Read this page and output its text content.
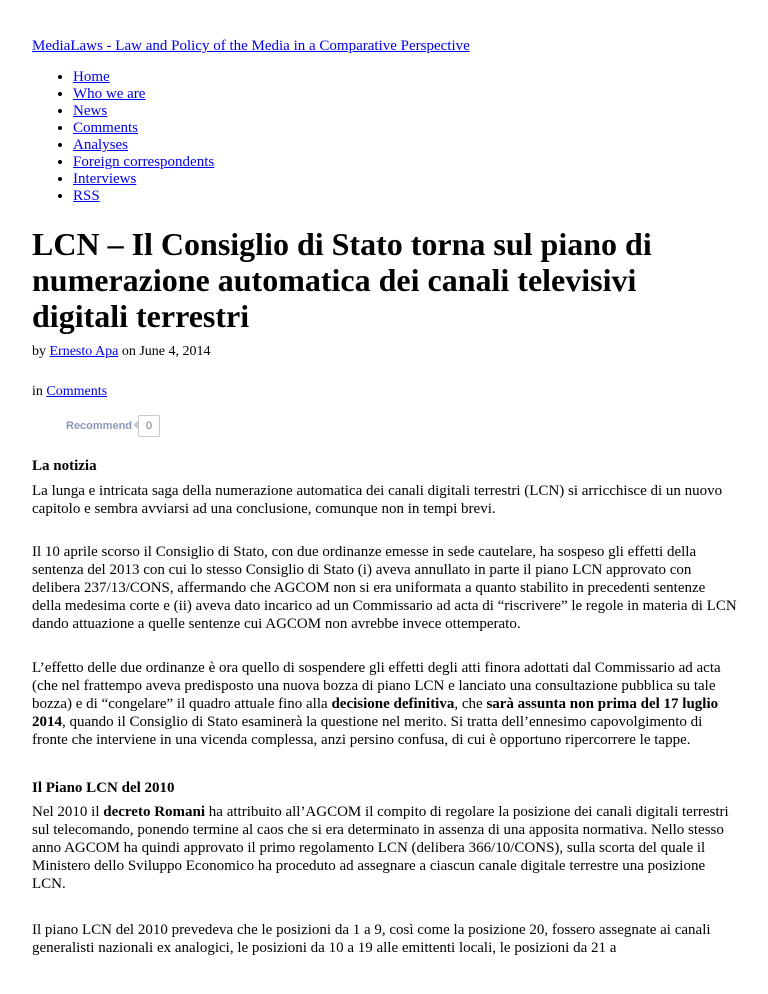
MediaLaws - Law and Policy of the Media in a Comparative Perspective
• Home
• Who we are
• News
• Comments
• Analyses
• Foreign correspondents
• Interviews
• RSS
LCN – Il Consiglio di Stato torna sul piano di numerazione automatica dei canali televisivi digitali terrestri
by Ernesto Apa on June 4, 2014
in Comments
Recommend	0

La notizia

La lunga e intricata saga della numerazione automatica dei canali digitali terrestri (LCN) si arricchisce di un nuovo capitolo e sembra avviarsi ad una conclusione, comunque non in tempi brevi.

Il 10 aprile scorso il Consiglio di Stato, con due ordinanze emesse in sede cautelare, ha sospeso gli effetti della sentenza del 2013 con cui lo stesso Consiglio di Stato (i) aveva annullato in parte il piano LCN approvato con delibera 237/13/CONS, affermando che AGCOM non si era uniformata a quanto stabilito in precedenti sentenze della medesima corte e (ii) aveva dato incarico ad un Commissario ad acta di “riscrivere” le regole in materia di LCN dando attuazione a quelle sentenze cui AGCOM non avrebbe invece ottemperato.

L’effetto delle due ordinanze è ora quello di sospendere gli effetti degli atti finora adottati dal Commissario ad acta (che nel frattempo aveva predisposto una nuova bozza di piano LCN e lanciato una consultazione pubblica su tale bozza) e di “congelare” il quadro attuale fino alla decisione definitiva, che sarà assunta non prima del 17 luglio 2014, quando il Consiglio di Stato esaminerà la questione nel merito. Si tratta dell’ennesimo capovolgimento di fronte che interviene in una vicenda complessa, anzi persino confusa, di cui è opportuno ripercorrere le tappe.

Il Piano LCN del 2010

Nel 2010 il decreto Romani ha attribuito all’AGCOM il compito di regolare la posizione dei canali digitali terrestri sul telecomando, ponendo termine al caos che si era determinato in assenza di una apposita normativa. Nello stesso anno AGCOM ha quindi approvato il primo regolamento LCN (delibera 366/10/CONS), sulla scorta del quale il Ministero dello Sviluppo Economico ha proceduto ad assegnare a ciascun canale digitale terrestre una posizione LCN.

Il piano LCN del 2010 prevedeva che le posizioni da 1 a 9, così come la posizione 20, fossero assegnate ai canali generalisti nazionali ex analogici, le posizioni da 10 a 19 alle emittenti locali, le posizioni da 21 a
